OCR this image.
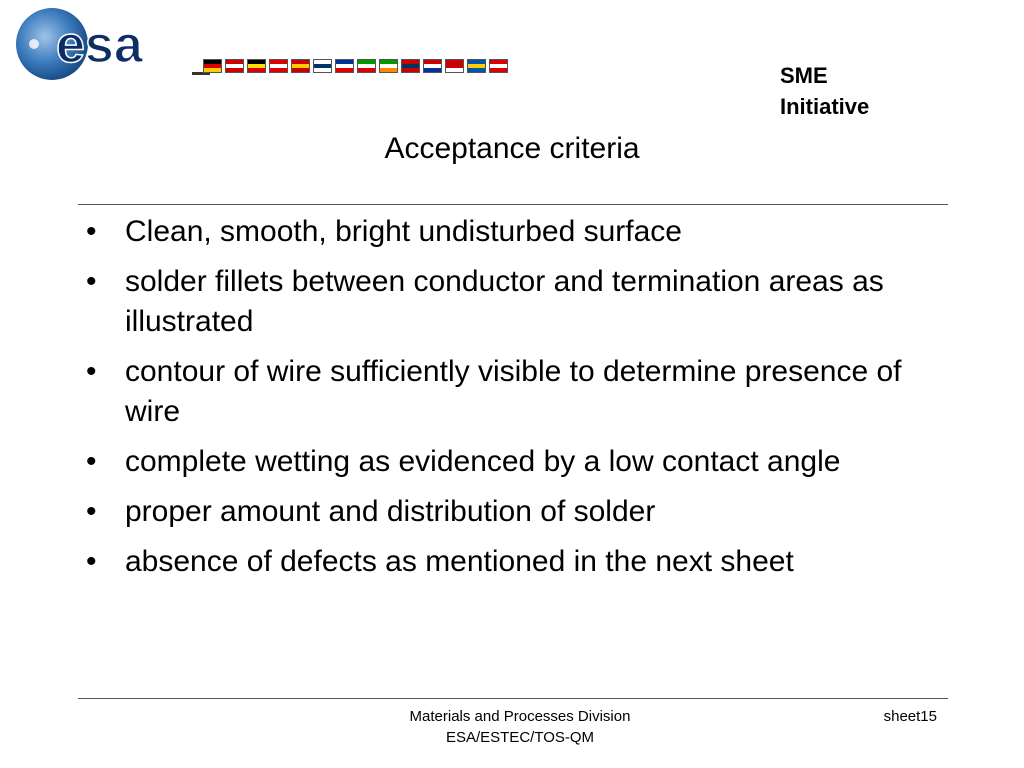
esa
SME
Initiative
Acceptance criteria
• Clean, smooth, bright undisturbed surface
• solder fillets between conductor and termination areas as illustrated
• contour of wire sufficiently visible to determine presence of wire
• complete wetting as evidenced by a low contact angle
• proper amount and distribution of solder
• absence of defects as mentioned in the next sheet
Materials and Processes Division
ESA/ESTEC/TOS-QM
sheet15
